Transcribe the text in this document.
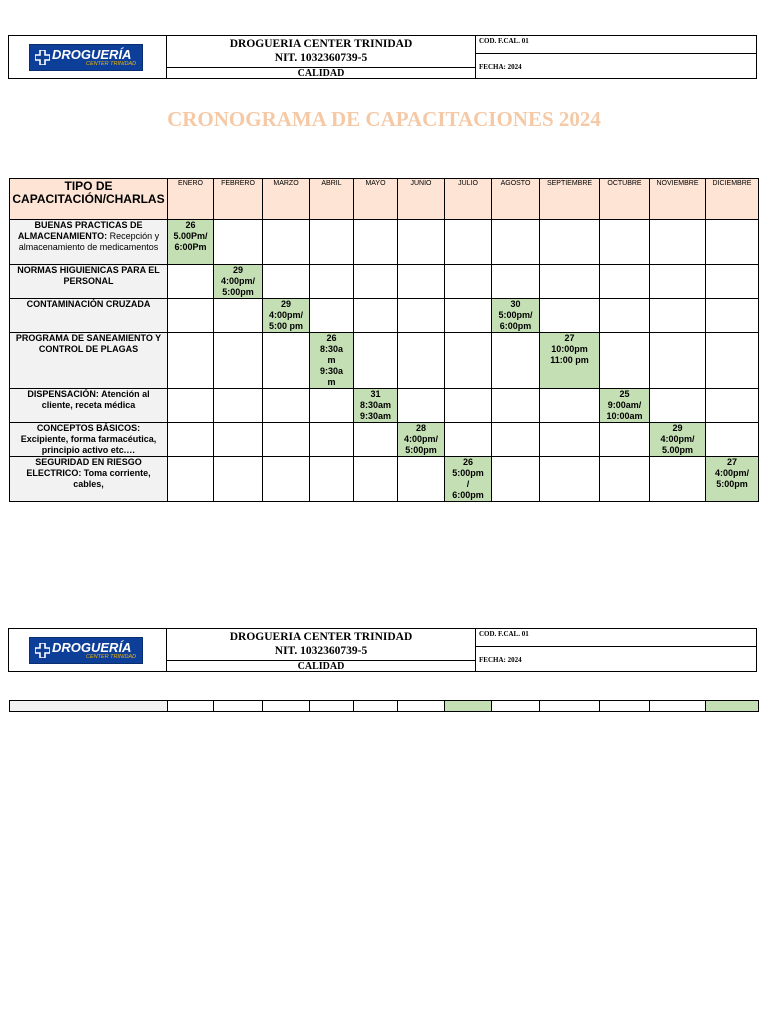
DROGUERÍA
CENTER TRINIDAD
DROGUERIA CENTER TRINIDAD
NIT. 1032360739-5
CALIDAD
COD. F.CAL. 01
FECHA: 2024
CRONOGRAMA DE CAPACITACIONES 2024
TIPO DE CAPACITACIÓN/CHARLAS	ENERO	FEBRERO	MARZO	ABRIL	MAYO	JUNIO	JULIO	AGOSTO	SEPTIEMBRE	OCTUBRE	NOVIEMBRE	DICIEMBRE
BUENAS PRACTICAS DE ALMACENAMIENTO: Recepción y almacenamiento de medicamentos	26
5.00Pm/
6:00Pm											
NORMAS HIGUIENICAS PARA EL PERSONAL		29
4:00pm/
5:00pm										
CONTAMINACIÓN CRUZADA			29
4:00pm/
5:00 pm					30
5:00pm/
6:00pm				
PROGRAMA DE SANEAMIENTO Y CONTROL DE PLAGAS				26
8:30a
m
9:30a
m					27
10:00pm
11:00 pm			
DISPENSACIÓN: Atención al cliente, receta médica					31
8:30am
9:30am					25
9:00am/
10:00am		
CONCEPTOS BÁSICOS: Excipiente, forma farmacéutica, principio activo etc.…						28
4:00pm/
5:00pm					29
4:00pm/
5.00pm	
SEGURIDAD EN RIESGO ELECTRICO: Toma corriente, cables,							26
5:00pm
/
6:00pm					27
4:00pm/
5:00pm
DROGUERÍA
CENTER TRINIDAD
DROGUERIA CENTER TRINIDAD
NIT. 1032360739-5
CALIDAD
COD. F.CAL. 01
FECHA: 2024
